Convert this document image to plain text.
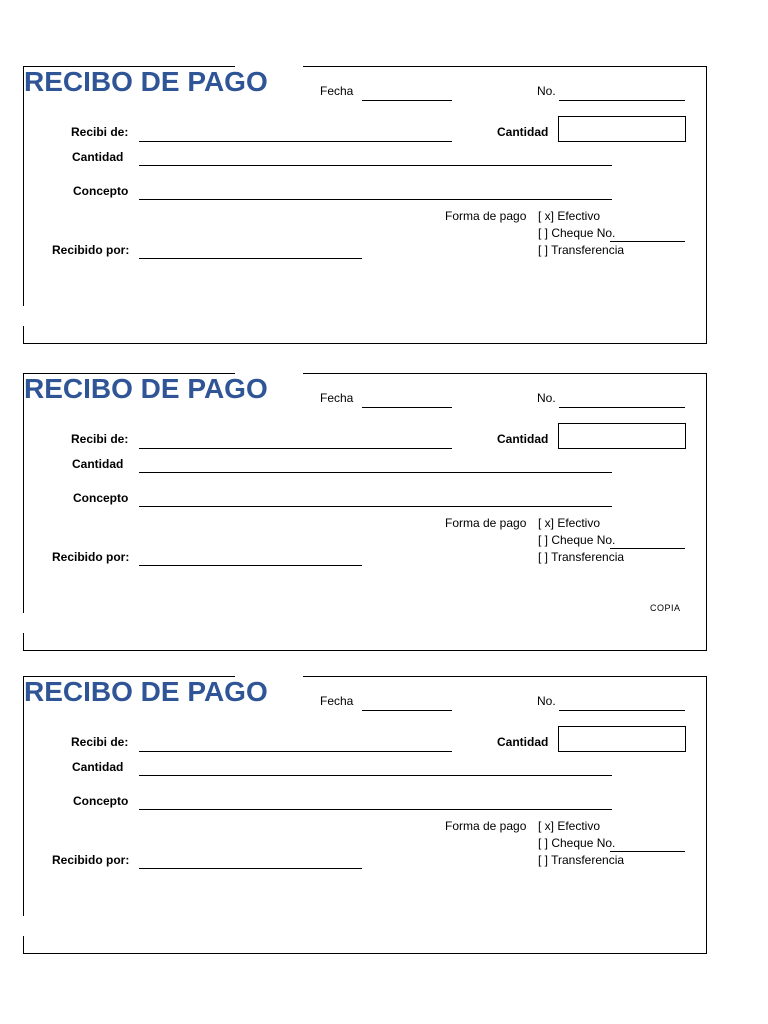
RECIBO DE PAGO	Fecha	No.
Recibi de:	Cantidad
Cantidad
Concepto
Forma de pago [ x] Efectivo
[ ] Cheque No.
[ ] Transferencia
Recibido por:
RECIBO DE PAGO	Fecha	No.
Recibi de:	Cantidad
Cantidad
Concepto
Forma de pago [ x] Efectivo
[ ] Cheque No.
[ ] Transferencia
Recibido por:
COPIA
RECIBO DE PAGO	Fecha	No.
Recibi de:	Cantidad
Cantidad
Concepto
Forma de pago [ x] Efectivo
[ ] Cheque No.
[ ] Transferencia
Recibido por:
